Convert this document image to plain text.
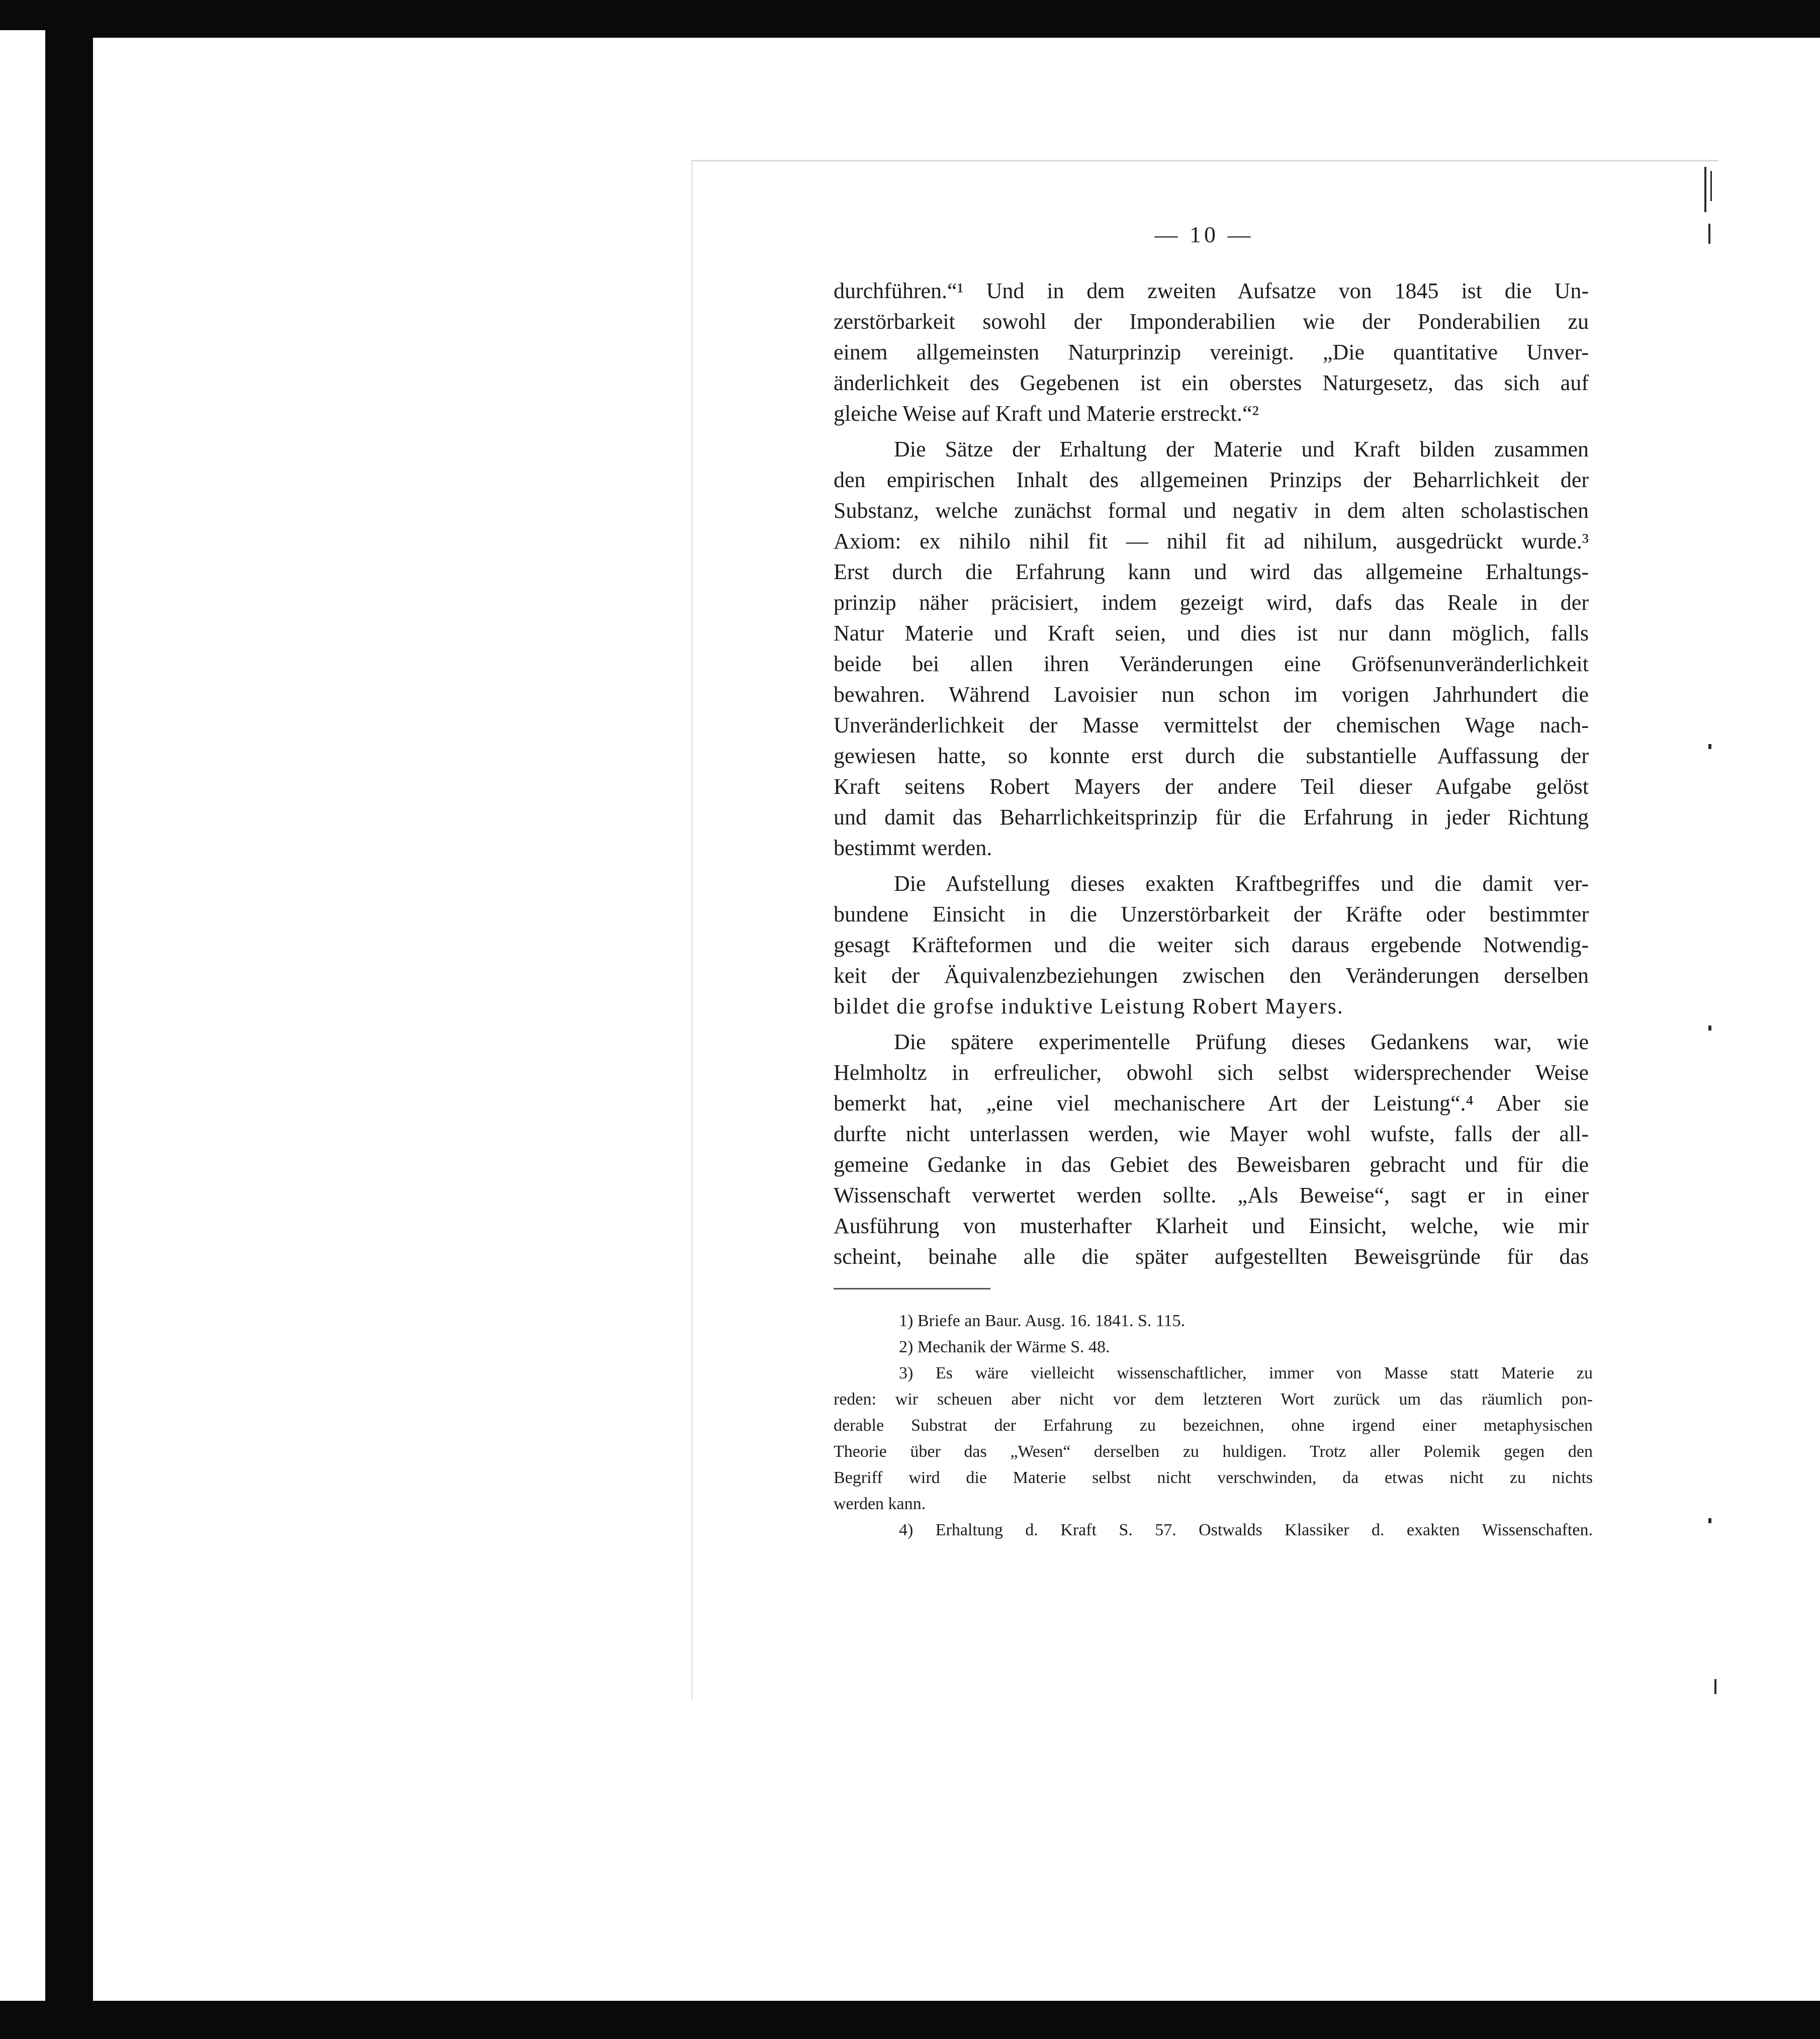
— 10 —
durchführen.“¹ Und in dem zweiten Aufsatze von 1845 ist die Un-
zerstörbarkeit sowohl der Imponderabilien wie der Ponderabilien zu
einem allgemeinsten Naturprinzip vereinigt. „Die quantitative Unver-
änderlichkeit des Gegebenen ist ein oberstes Naturgesetz, das sich auf
gleiche Weise auf Kraft und Materie erstreckt.“²
Die Sätze der Erhaltung der Materie und Kraft bilden zusammen
den empirischen Inhalt des allgemeinen Prinzips der Beharrlichkeit der
Substanz, welche zunächst formal und negativ in dem alten scholastischen
Axiom: ex nihilo nihil fit — nihil fit ad nihilum, ausgedrückt wurde.³
Erst durch die Erfahrung kann und wird das allgemeine Erhaltungs-
prinzip näher präcisiert, indem gezeigt wird, dafs das Reale in der
Natur Materie und Kraft seien, und dies ist nur dann möglich, falls
beide bei allen ihren Veränderungen eine Gröfsenunveränderlichkeit
bewahren. Während Lavoisier nun schon im vorigen Jahrhundert die
Unveränderlichkeit der Masse vermittelst der chemischen Wage nach-
gewiesen hatte, so konnte erst durch die substantielle Auffassung der
Kraft seitens Robert Mayers der andere Teil dieser Aufgabe gelöst
und damit das Beharrlichkeitsprinzip für die Erfahrung in jeder Richtung
bestimmt werden.
Die Aufstellung dieses exakten Kraftbegriffes und die damit ver-
bundene Einsicht in die Unzerstörbarkeit der Kräfte oder bestimmter
gesagt Kräfteformen und die weiter sich daraus ergebende Notwendig-
keit der Äquivalenzbeziehungen zwischen den Veränderungen derselben
bildet die grofse induktive Leistung Robert Mayers.
Die spätere experimentelle Prüfung dieses Gedankens war, wie
Helmholtz in erfreulicher, obwohl sich selbst widersprechender Weise
bemerkt hat, „eine viel mechanischere Art der Leistung“.⁴ Aber sie
durfte nicht unterlassen werden, wie Mayer wohl wufste, falls der all-
gemeine Gedanke in das Gebiet des Beweisbaren gebracht und für die
Wissenschaft verwertet werden sollte. „Als Beweise“, sagt er in einer
Ausführung von musterhafter Klarheit und Einsicht, welche, wie mir
scheint, beinahe alle die später aufgestellten Beweisgründe für das
1) Briefe an Baur. Ausg. 16. 1841. S. 115.
2) Mechanik der Wärme S. 48.
3) Es wäre vielleicht wissenschaftlicher, immer von Masse statt Materie zu
reden: wir scheuen aber nicht vor dem letzteren Wort zurück um das räumlich pon-
derable Substrat der Erfahrung zu bezeichnen, ohne irgend einer metaphysischen
Theorie über das „Wesen“ derselben zu huldigen. Trotz aller Polemik gegen den
Begriff wird die Materie selbst nicht verschwinden, da etwas nicht zu nichts
werden kann.
4) Erhaltung d. Kraft S. 57. Ostwalds Klassiker d. exakten Wissenschaften.
